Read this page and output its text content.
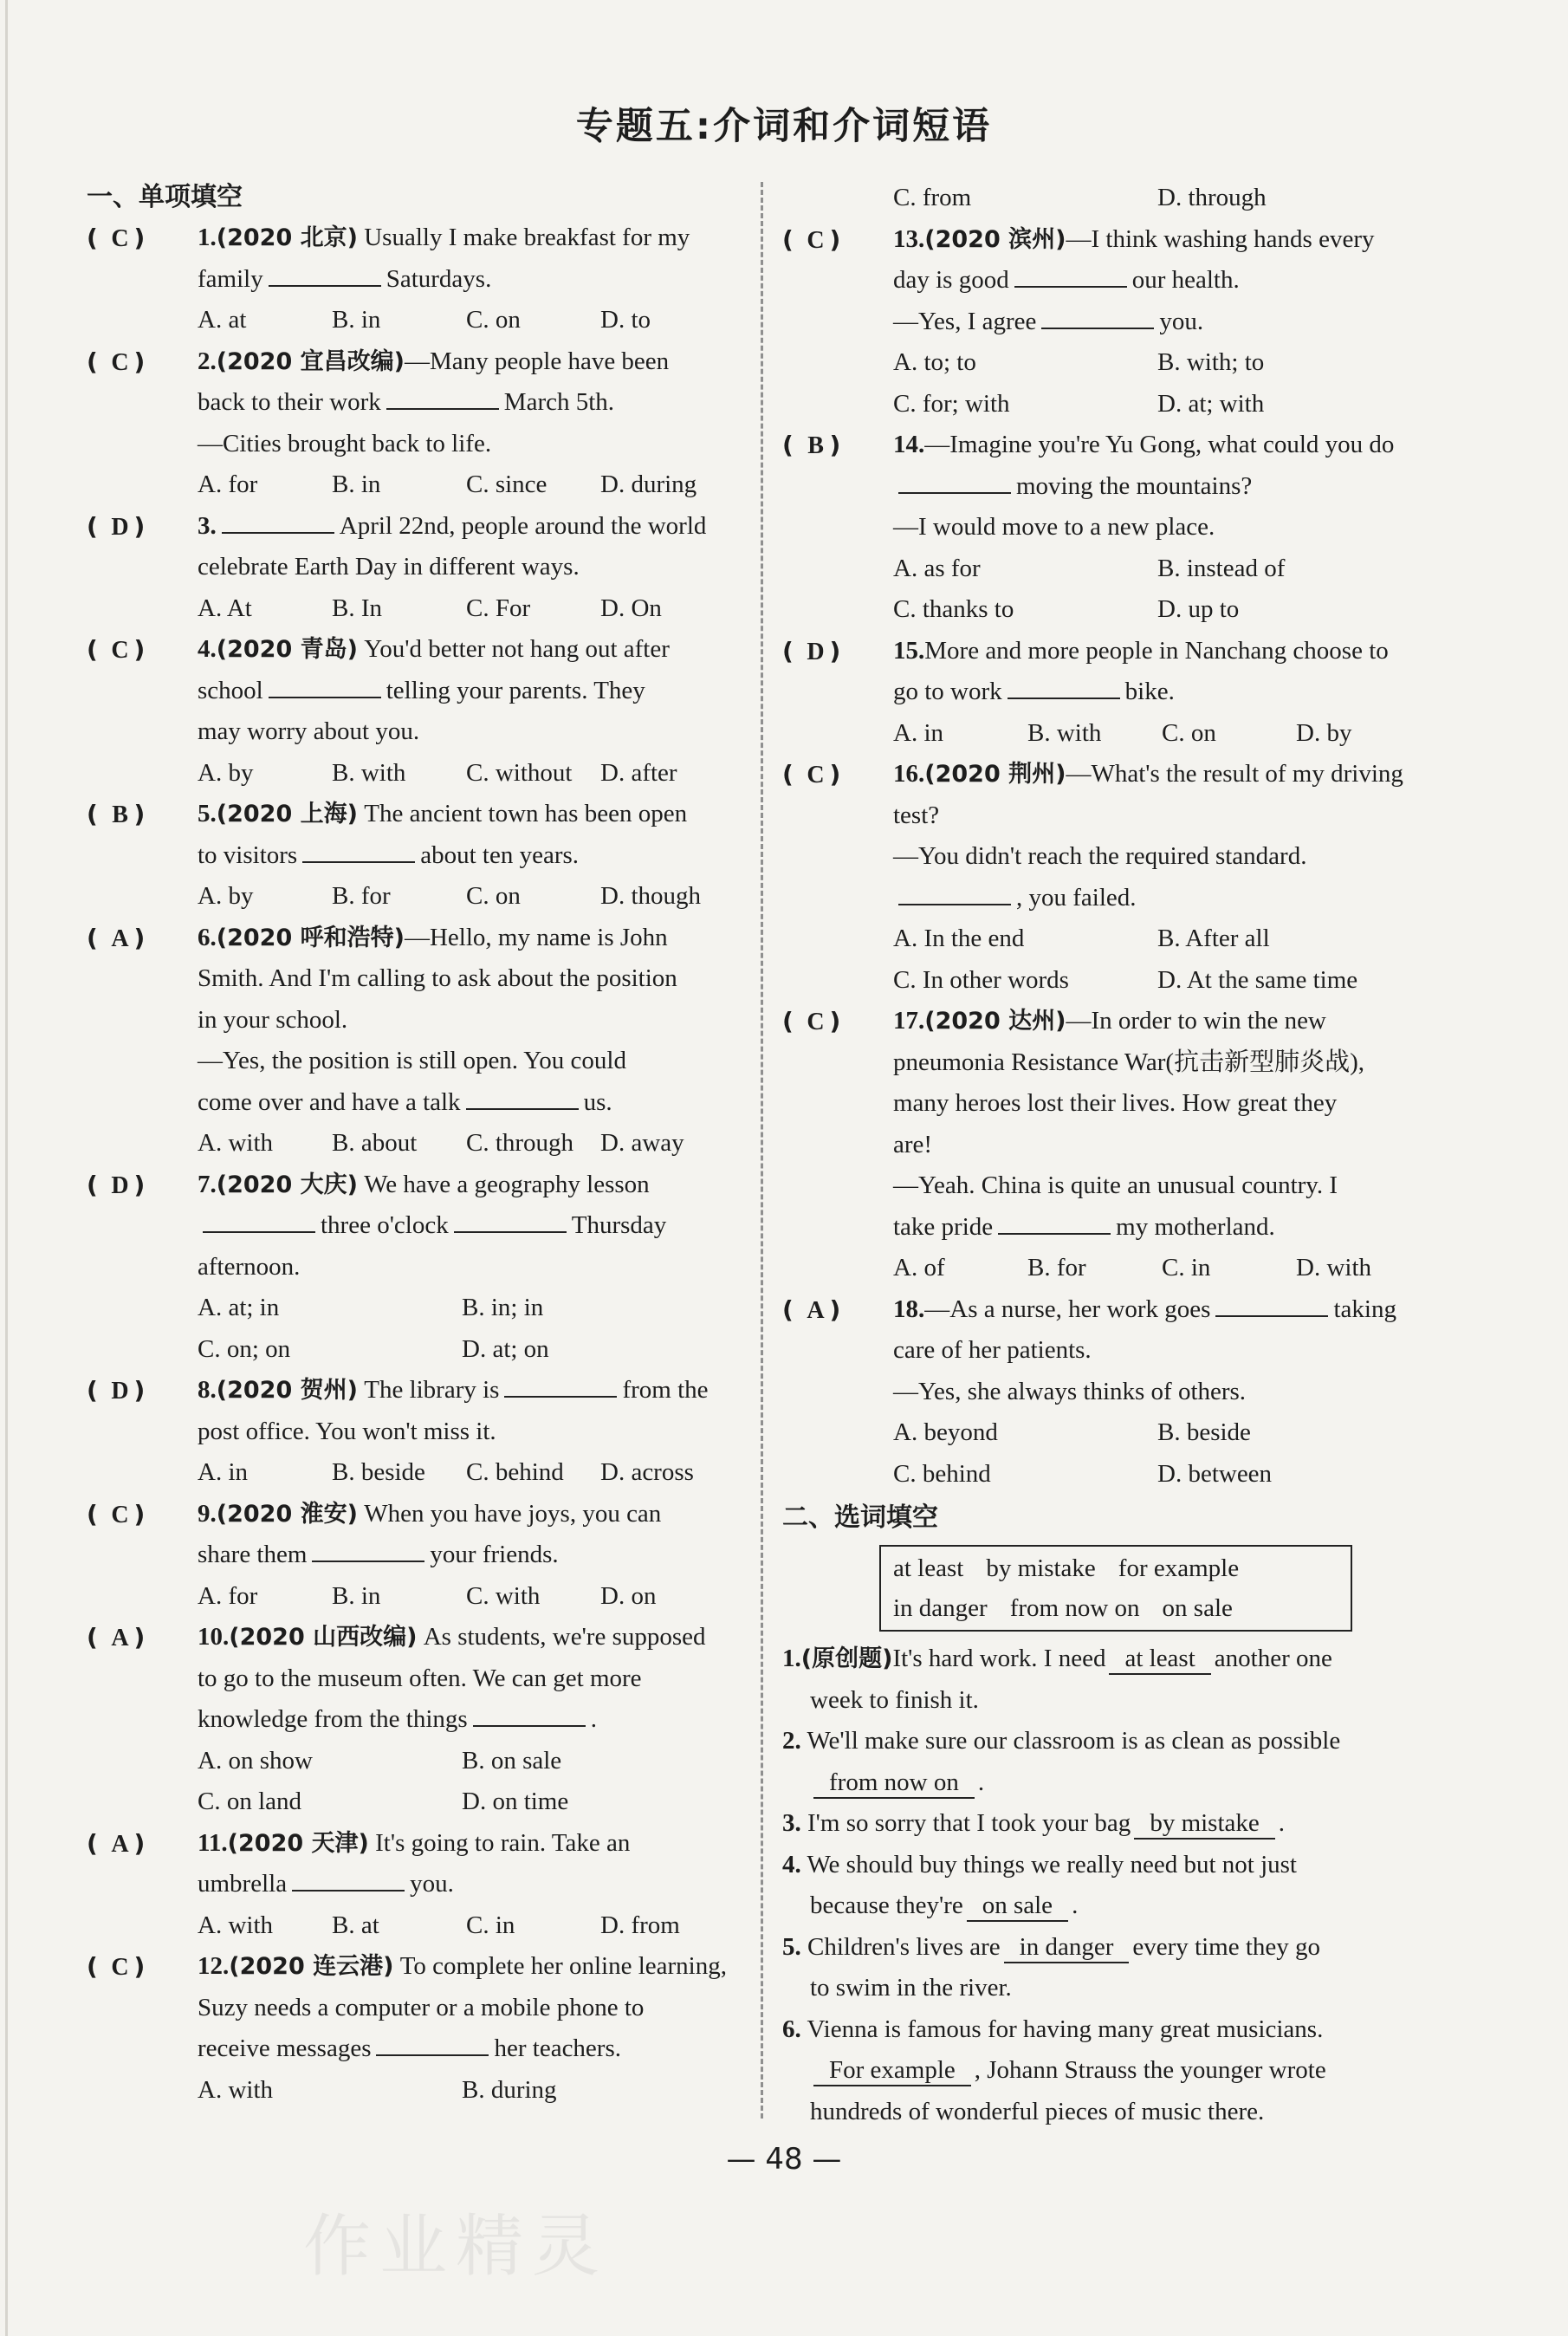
专题五:介词和介词短语
一、单项填空
( C )	1.(2020 北京) Usually I make breakfast for my
family	Saturdays.
A. at	B. in	C. on	D. to
( C )	2.(2020 宜昌改编)—Many people have been
back to their work	March 5th.
—Cities brought back to life.
A. for	B. in	C. since	D. during
( D )	3.	April 22nd, people around the world
celebrate Earth Day in different ways.
A. At	B. In	C. For	D. On
( C )	4.(2020 青岛) You'd better not hang out after
school	telling your parents. They
may worry about you.
A. by	B. with	C. without	D. after
( B )	5.(2020 上海) The ancient town has been open
to visitors	about ten years.
A. by	B. for	C. on	D. though
( A )	6.(2020 呼和浩特)—Hello, my name is John
Smith. And I'm calling to ask about the position
in your school.
—Yes, the position is still open. You could
come over and have a talk	us.
A. with	B. about	C. through	D. away
( D )	7.(2020 大庆) We have a geography lesson
three o'clock	Thursday
afternoon.
A. at; in	B. in; in
C. on; on	D. at; on
( D )	8.(2020 贺州) The library is	from the
post office. You won't miss it.
A. in	B. beside	C. behind	D. across
( C )	9.(2020 淮安) When you have joys, you can
share them	your friends.
A. for	B. in	C. with	D. on
( A )	10.(2020 山西改编) As students, we're supposed
to go to the museum often. We can get more
knowledge from the things	.
A. on show	B. on sale
C. on land	D. on time
( A )	11.(2020 天津) It's going to rain. Take an
umbrella	you.
A. with	B. at	C. in	D. from
( C )	12.(2020 连云港) To complete her online learning,
Suzy needs a computer or a mobile phone to
receive messages	her teachers.
A. with	B. during
C. from	D. through
( C )	13.(2020 滨州)—I think washing hands every
day is good	our health.
—Yes, I agree	you.
A. to; to	B. with; to
C. for; with	D. at; with
( B )	14.—Imagine you're Yu Gong, what could you do
moving the mountains?
—I would move to a new place.
A. as for	B. instead of
C. thanks to	D. up to
( D )	15.More and more people in Nanchang choose to
go to work	bike.
A. in	B. with	C. on	D. by
( C )	16.(2020 荆州)—What's the result of my driving
test?
—You didn't reach the required standard.
, you failed.
A. In the end	B. After all
C. In other words	D. At the same time
( C )	17.(2020 达州)—In order to win the new
pneumonia Resistance War(抗击新型肺炎战),
many heroes lost their lives. How great they
are!
—Yeah. China is quite an unusual country. I
take pride	my motherland.
A. of	B. for	C. in	D. with
( A )	18.—As a nurse, her work goes	taking
care of her patients.
—Yes, she always thinks of others.
A. beyond	B. beside
C. behind	D. between
二、选词填空
at least by mistake for example
in danger from now on on sale
1.(原创题)It's hard work. I need at least another one
week to finish it.
2. We'll make sure our classroom is as clean as possible
from now on .
3. I'm so sorry that I took your bag by mistake .
4. We should buy things we really need but not just
because they're on sale .
5. Children's lives are in danger every time they go
to swim in the river.
6. Vienna is famous for having many great musicians.
For example , Johann Strauss the younger wrote
hundreds of wonderful pieces of music there.
— 48 —
作业精灵
